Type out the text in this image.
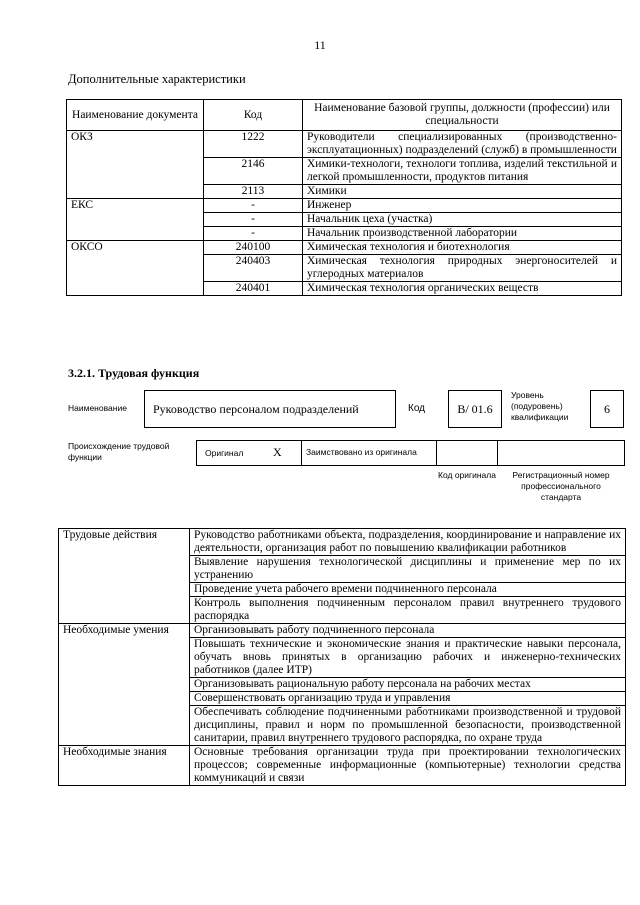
11
Дополнительные характеристики
Наименование документа	Код	Наименование базовой группы, должности (профессии) или специальности
ОКЗ	1222	Руководители специализированных (производственно-эксплуатационных) подразделений (служб) в промышленности
	2146	Химики-технологи, технологи топлива, изделий текстильной и легкой промышленности, продуктов питания
	2113	Химики
ЕКС	-	Инженер
	-	Начальник цеха (участка)
	-	Начальник производственной лаборатории
ОКСО	240100	Химическая технология и биотехнология
	240403	Химическая технология природных энергоносителей и углеродных материалов
	240401	Химическая технология органических веществ
3.2.1. Трудовая функция
Наименование	Руководство персоналом подразделений	Код	B/ 01.6
Уровень (подуровень) квалификации
6
Происхождение трудовой функции	Оригинал X	Заимствовано из оригинала
Код оригинала	Регистрационный номер профессионального стандарта
Трудовые действия	Руководство работниками объекта, подразделения, координирование и направление их деятельности, организация работ по повышению квалификации работников
	Выявление нарушения технологической дисциплины и применение мер по их устранению
	Проведение учета рабочего времени подчиненного персонала
	Контроль выполнения подчиненным персоналом правил внутреннего трудового распорядка
Необходимые умения	Организовывать работу подчиненного персонала
	Повышать технические и экономические знания и практические навыки персонала, обучать вновь принятых в организацию рабочих и инженерно-технических работников (далее ИТР)
	Организовывать рациональную работу персонала на рабочих местах
	Совершенствовать организацию труда и управления
	Обеспечивать соблюдение подчиненными работниками производственной и трудовой дисциплины, правил и норм по промышленной безопасности, производственной санитарии, правил внутреннего трудового распорядка, по охране труда
Необходимые знания	Основные требования организации труда при проектировании технологических процессов; современные информационные (компьютерные) технологии средства коммуникаций и связи
